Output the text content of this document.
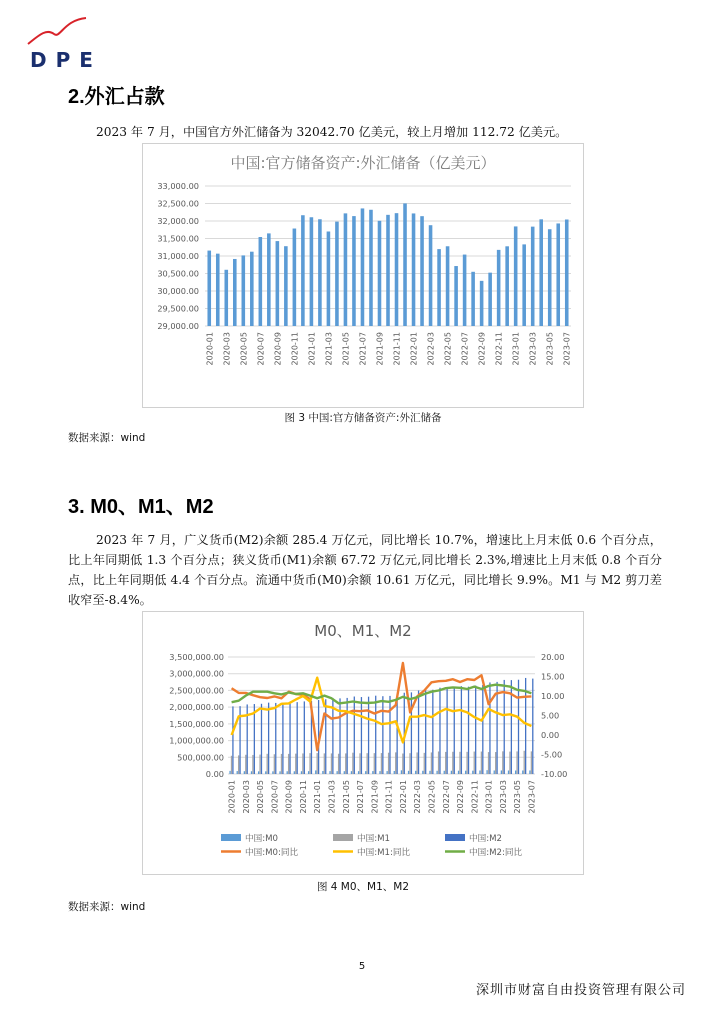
DPE
2.外汇占款
2023 年 7 月，中国官方外汇储备为 32042.70 亿美元，较上月增加 112.72 亿美元。
中国:官方储备资产:外汇储备（亿美元）
29,000.00
29,500.00
30,000.00
30,500.00
31,000.00
31,500.00
32,000.00
32,500.00
33,000.00
2020-01 2020-03 2020-05 2020-07 2020-09 2020-11 2021-01 2021-03 2021-05 2021-07 2021-09 2021-11 2022-01 2022-03 2022-05 2022-07 2022-09 2022-11 2023-01 2023-03 2023-05 2023-07
图 3 中国:官方储备资产:外汇储备
数据来源：wind
3. M0、M1、M2
2023 年 7 月，广义货币(M2)余额 285.4 万亿元，同比增长 10.7%，增速比上月末低 0.6 个百分点，比上年同期低 1.3 个百分点；狭义货币(M1)余额 67.72 万亿元,同比增长 2.3%,增速比上月末低 0.8 个百分点，比上年同期低 4.4 个百分点。流通中货币(M0)余额 10.61 万亿元，同比增长 9.9%。M1 与 M2 剪刀差收窄至-8.4%。
M0、M1、M2
0.00
500,000.00
1,000,000.00
1,500,000.00
2,000,000.00
2,500,000.00
3,000,000.00
3,500,000.00
-10.00
-5.00
0.00
5.00
10.00
15.00
20.00
2020-01 2020-03 2020-05 2020-07 2020-09 2020-11 2021-01 2021-03 2021-05 2021-07 2021-09 2021-11 2022-01 2022-03 2022-05 2022-07 2022-09 2022-11 2023-01 2023-03 2023-05 2023-07
中国:M0	中国:M1	中国:M2
中国:M0:同比	中国:M1:同比	中国:M2:同比
图 4 M0、M1、M2
数据来源：wind
5
深圳市财富自由投资管理有限公司
